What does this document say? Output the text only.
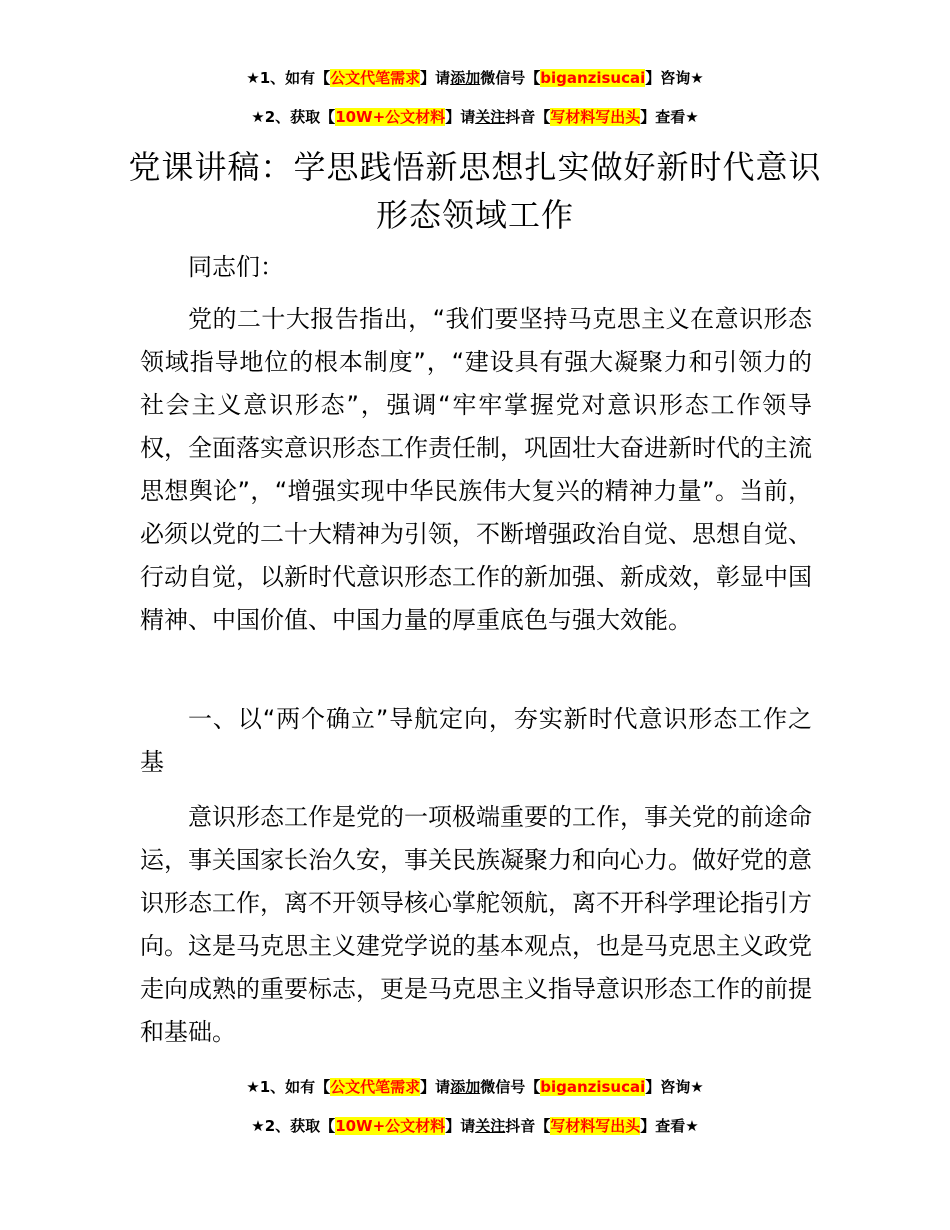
★1、如有【公文代笔需求】请添加微信号【biganzisucai】咨询★
★2、获取【10W+公文材料】请关注抖音【写材料写出头】查看★
党课讲稿：学思践悟新思想扎实做好新时代意识形态领域工作

同志们：

党的二十大报告指出，“我们要坚持马克思主义在意识形态领域指导地位的根本制度”，“建设具有强大凝聚力和引领力的社会主义意识形态”，强调“牢牢掌握党对意识形态工作领导权，全面落实意识形态工作责任制，巩固壮大奋进新时代的主流思想舆论”，“增强实现中华民族伟大复兴的精神力量”。当前，必须以党的二十大精神为引领，不断增强政治自觉、思想自觉、行动自觉，以新时代意识形态工作的新加强、新成效，彰显中国精神、中国价值、中国力量的厚重底色与强大效能。

一、以“两个确立”导航定向，夯实新时代意识形态工作之基

意识形态工作是党的一项极端重要的工作，事关党的前途命运，事关国家长治久安，事关民族凝聚力和向心力。做好党的意识形态工作，离不开领导核心掌舵领航，离不开科学理论指引方向。这是马克思主义建党学说的基本观点，也是马克思主义政党走向成熟的重要标志，更是马克思主义指导意识形态工作的前提和基础。

★1、如有【公文代笔需求】请添加微信号【biganzisucai】咨询★
★2、获取【10W+公文材料】请关注抖音【写材料写出头】查看★
